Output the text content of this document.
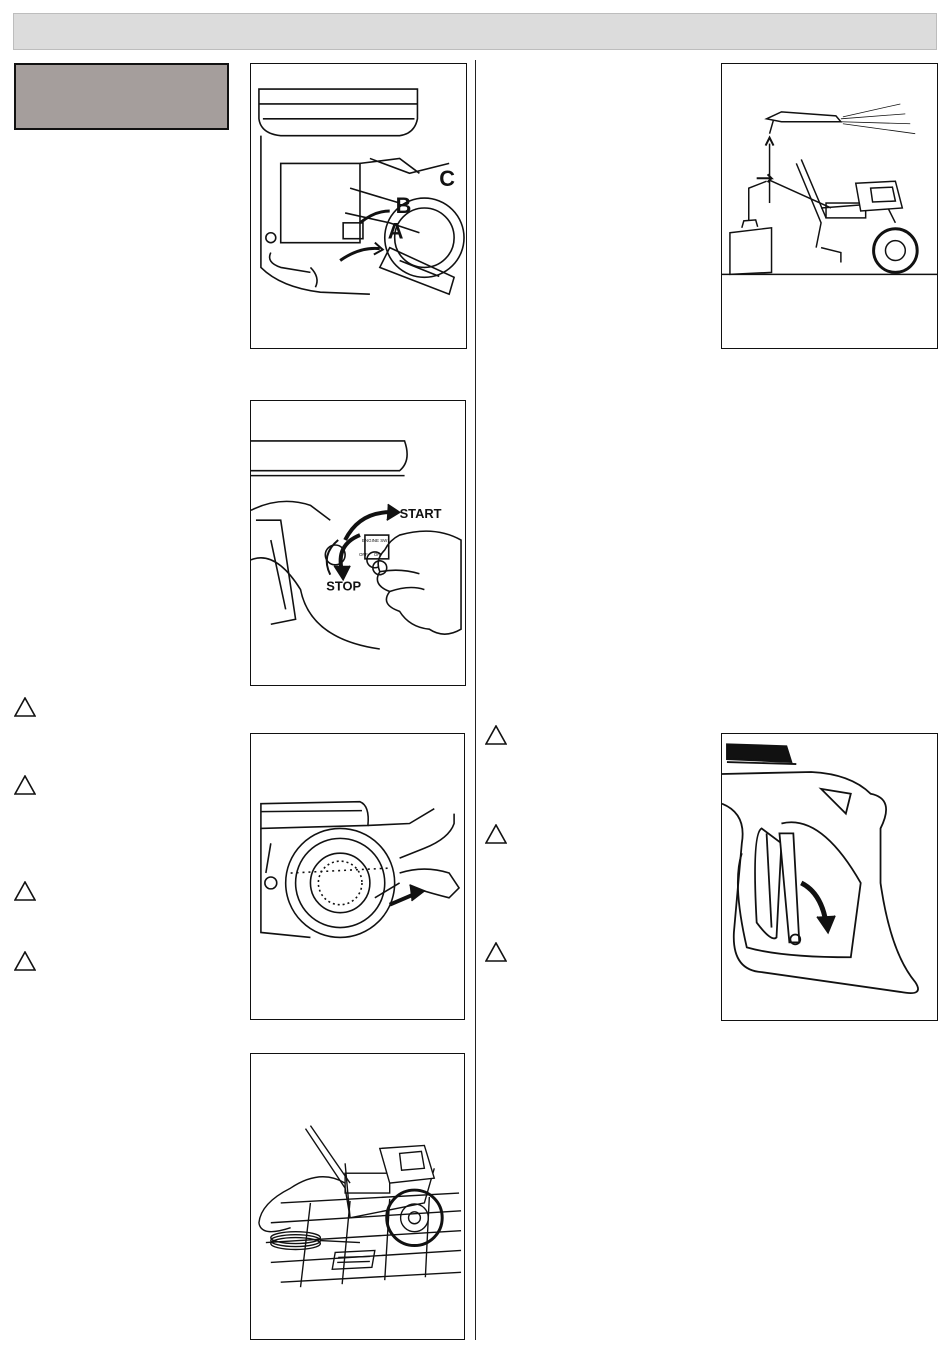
C
B
A
START
STOP
ENGINE SW
OFF ON
